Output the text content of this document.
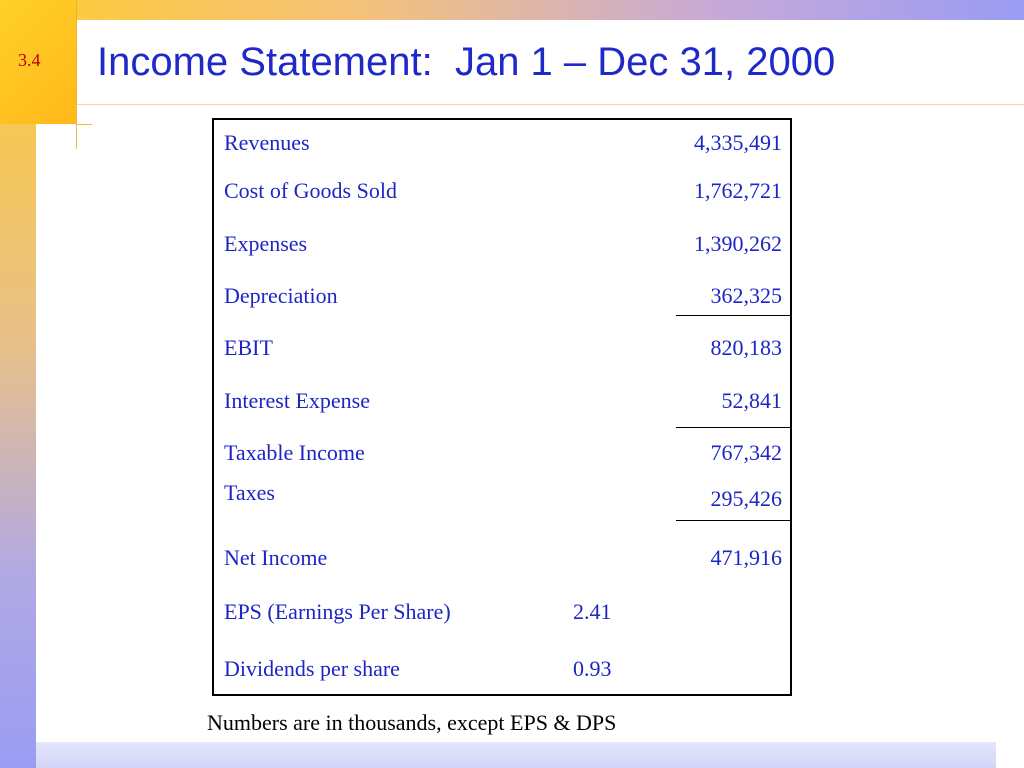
3.4 Income Statement:  Jan 1 – Dec 31, 2000
Revenues	4,335,491
Cost of Goods Sold	1,762,721
Expenses	1,390,262
Depreciation	362,325
EBIT	820,183
Interest Expense	52,841
Taxable Income	767,342
Taxes	295,426
Net Income	471,916
EPS (Earnings Per Share)	2.41
Dividends per share	0.93
Numbers are in thousands, except EPS & DPS
